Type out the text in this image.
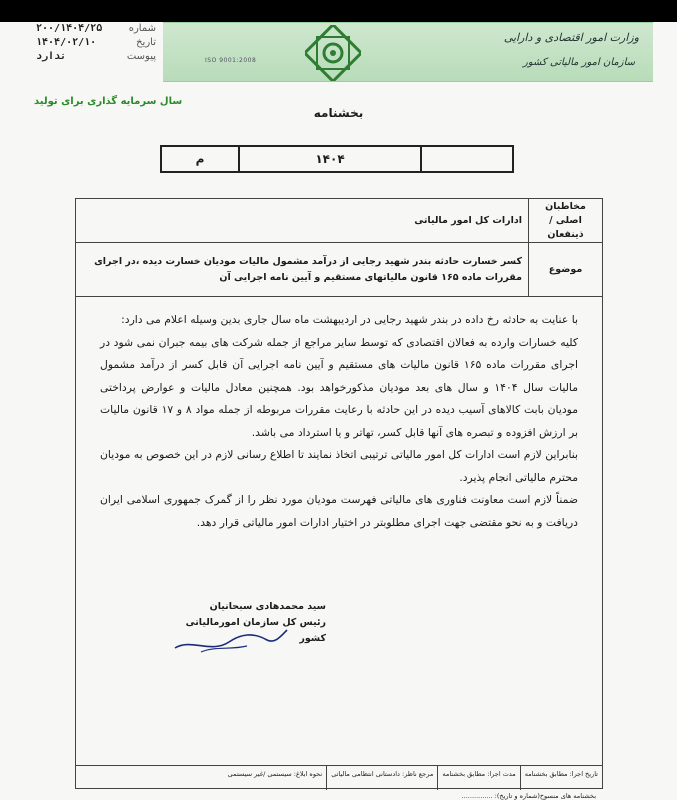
شماره
۲۰۰/۱۴۰۴/۲۵
تاریخ
۱۴۰۴/۰۲/۱۰
پیوست
ندارد	ISO 9001:2008
وزارت امور اقتصادی و دارایی
سازمان امور مالیاتی کشور
سال سرمایه گذاری برای تولید
بخشنامه
۱۴۰۴
م
مخاطبان اصلی / ذینفعان
ادارات کل امور مالیاتی
موضوع
کسر خسارت حادثه بندر شهید رجایی از درآمد مشمول مالیات مودیان خسارت دیده ،در اجرای مقررات ماده ۱۶۵ قانون مالیاتهای مستقیم و آیین نامه اجرایی آن

با عنایت به حادثه رخ داده در بندر شهید رجایی در اردیبهشت ماه سال جاری بدین وسیله اعلام می دارد:

کلیه خسارات وارده به فعالان اقتصادی که توسط سایر مراجع از جمله شرکت های بیمه جبران نمی شود در اجرای مقررات ماده ۱۶۵ قانون مالیات های مستقیم و آیین نامه اجرایی آن قابل کسر از درآمد مشمول مالیات سال ۱۴۰۴ و سال های بعد مودیان مذکورخواهد بود. همچنین معادل مالیات و عوارض پرداختی مودیان بابت کالاهای آسیب دیده در این حادثه با رعایت مقررات مربوطه از جمله مواد ۸ و ۱۷ قانون مالیات بر ارزش افزوده و تبصره های آنها قابل کسر، تهاتر و یا استرداد می باشد.

بنابراین لازم است ادارات کل امور مالیاتی ترتیبی اتخاذ نمایند تا اطلاع رسانی لازم در این خصوص به مودیان محترم مالیاتی انجام پذیرد.

ضمناً لازم است معاونت فناوری های مالیاتی فهرست مودیان مورد نظر را از گمرک جمهوری اسلامی ایران دریافت و به نحو مقتضی جهت اجرای مطلوبتر در اختیار ادارات امور مالیاتی قرار دهد.

سید محمدهادی سبحانیان
رئیس کل سازمان امورمالیاتی کشور
تاریخ اجرا: مطابق بخشنامه
مدت اجرا: مطابق بخشنامه
مرجع ناظر: دادستانی انتظامی مالیاتی
نحوه ابلاغ: سیستمی /غیر سیستمی
بخشنامه های منسوخ(شماره و تاریخ): ...............
